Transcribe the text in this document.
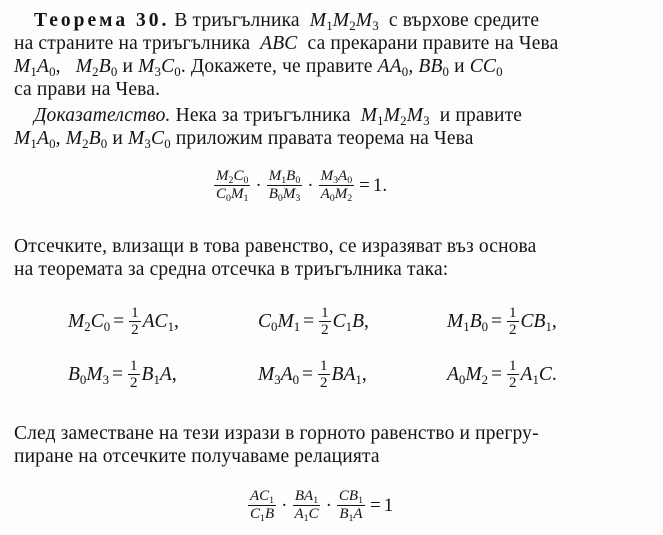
Теорема 30. В триъгълника  $M_1M_2M_3$ с върхове средите
на страните на триъгълника  ABC  са прекарани правите на Чева
$M_1A_0$,   $M_2B_0$ и $M_3C_0$. Докажете, че правите $AA_0$, $BB_0$ и $CC_0$
са прави на Чева.
Доказателство. Нека за триъгълника  $M_1M_2M_3$ и правите
$M_1A_0$, $M_2B_0$ и $M_3C_0$ приложим правата теорема на Чева
$\frac{M_2C_0}{C_0M_1} \cdot \frac{M_1B_0}{B_0M_3} \cdot \frac{M_3A_0}{A_0M_2} = 1$.
Отсечките, влизащи в това равенство, се изразяват въз основа
на теоремата за средна отсечка в триъгълника така:
$M_2C_0 = \frac{1}{2} AC_1$ ,	$C_0M_1 = \frac{1}{2} C_1B$ ,	$M_1B_0 = \frac{1}{2} CB_1$ ,
$B_0M_3 = \frac{1}{2} B_1A$ ,	$M_3A_0 = \frac{1}{2} BA_1$ ,	$A_0M_2 = \frac{1}{2} A_1C$ .
След заместване на тези изрази в горното равенство и прегру-
пиране на отсечките получаваме релацията
$\frac{AC_1}{C_1B} \cdot \frac{BA_1}{A_1C} \cdot \frac{CB_1}{B_1A} = 1$
